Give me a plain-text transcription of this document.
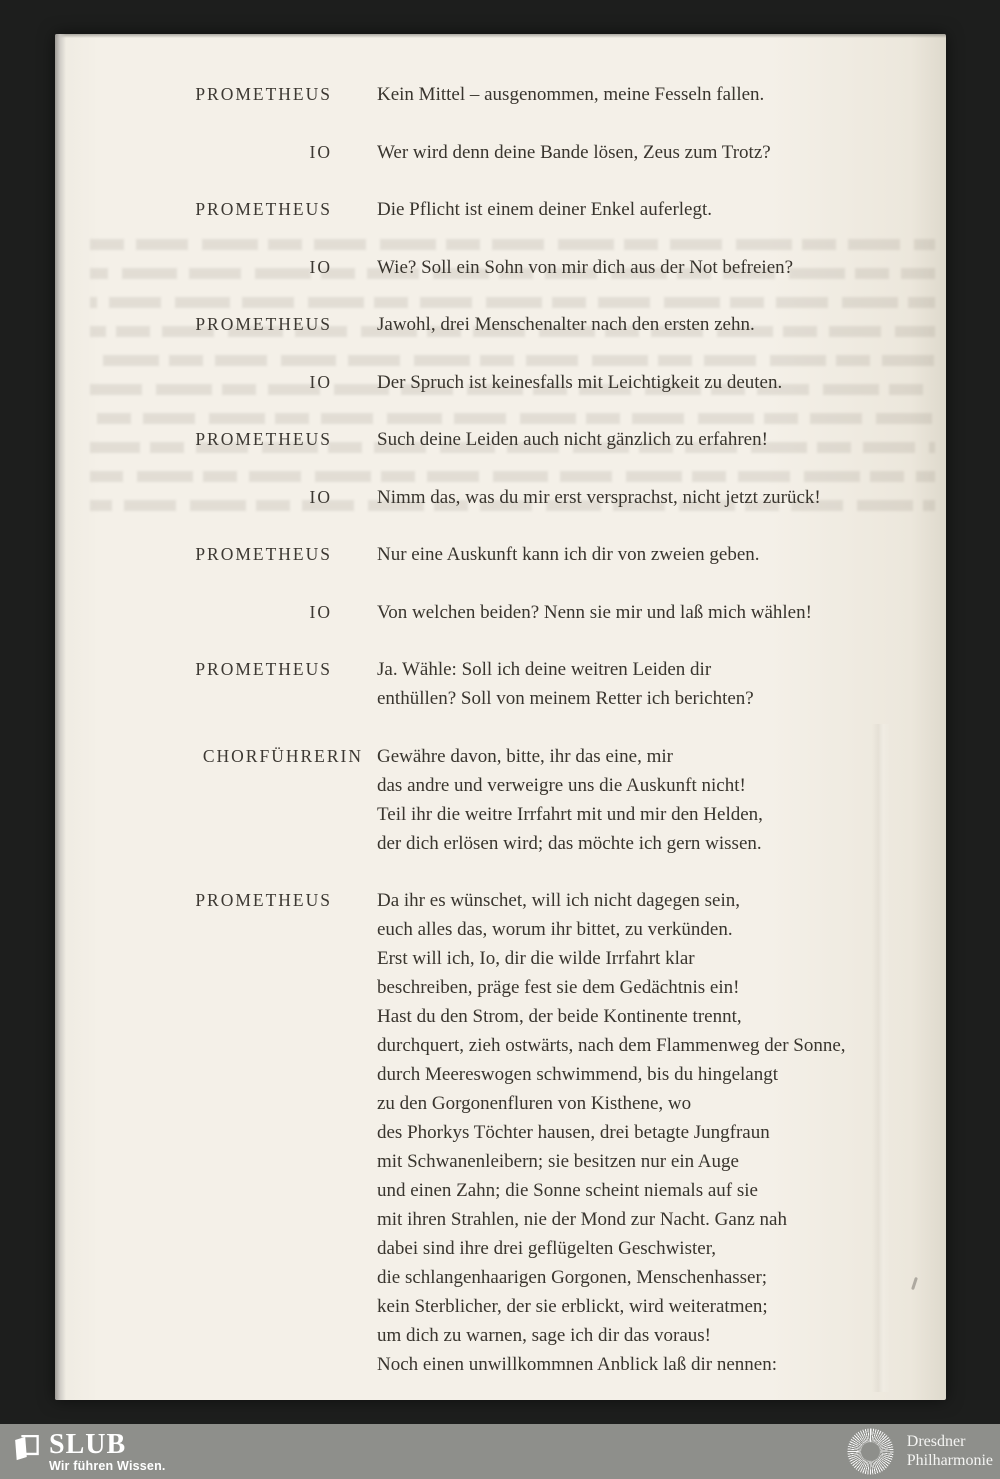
PROMETHEUS Kein Mittel – ausgenommen, meine Fesseln fallen.
IO Wer wird denn deine Bande lösen, Zeus zum Trotz?
PROMETHEUS Die Pflicht ist einem deiner Enkel auferlegt.
IO Wie? Soll ein Sohn von mir dich aus der Not befreien?
PROMETHEUS Jawohl, drei Menschenalter nach den ersten zehn.
IO Der Spruch ist keinesfalls mit Leichtigkeit zu deuten.
PROMETHEUS Such deine Leiden auch nicht gänzlich zu erfahren!
IO Nimm das, was du mir erst versprachst, nicht jetzt zurück!
PROMETHEUS Nur eine Auskunft kann ich dir von zweien geben.
IO Von welchen beiden? Nenn sie mir und laß mich wählen!
PROMETHEUS Ja. Wähle: Soll ich deine weitren Leiden dir
enthüllen? Soll von meinem Retter ich berichten?
CHORFÜHRERIN Gewähre davon, bitte, ihr das eine, mir
das andre und verweigre uns die Auskunft nicht!
Teil ihr die weitre Irrfahrt mit und mir den Helden,
der dich erlösen wird; das möchte ich gern wissen.
PROMETHEUS Da ihr es wünschet, will ich nicht dagegen sein,
euch alles das, worum ihr bittet, zu verkünden.
Erst will ich, Io, dir die wilde Irrfahrt klar
beschreiben, präge fest sie dem Gedächtnis ein!
Hast du den Strom, der beide Kontinente trennt,
durchquert, zieh ostwärts, nach dem Flammenweg der Sonne,
durch Meereswogen schwimmend, bis du hingelangt
zu den Gorgonenfluren von Kisthene, wo
des Phorkys Töchter hausen, drei betagte Jungfraun
mit Schwanenleibern; sie besitzen nur ein Auge
und einen Zahn; die Sonne scheint niemals auf sie
mit ihren Strahlen, nie der Mond zur Nacht. Ganz nah
dabei sind ihre drei geflügelten Geschwister,
die schlangenhaarigen Gorgonen, Menschenhasser;
kein Sterblicher, der sie erblickt, wird weiteratmen;
um dich zu warnen, sage ich dir das voraus!
Noch einen unwillkommnen Anblick laß dir nennen:
SLUB
Wir führen Wissen.
Dresdner
Philharmonie
